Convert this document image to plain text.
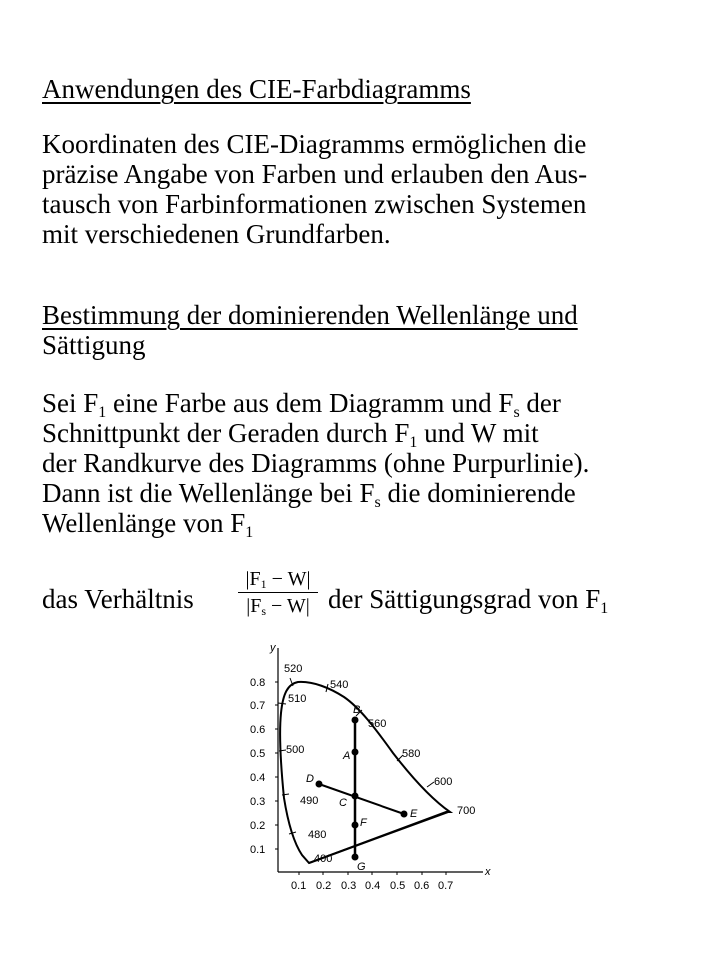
Anwendungen des CIE-Farbdiagramms
Koordinaten des CIE-Diagramms ermöglichen die
präzise Angabe von Farben und erlauben den Aus-
tausch von Farbinformationen zwischen Systemen
mit verschiedenen Grundfarben.
Bestimmung der dominierenden Wellenlänge und
Sättigung
Sei $F_1$ eine Farbe aus dem Diagramm und $F_s$ der
Schnittpunkt der Geraden durch $F_1$ und W mit
der Randkurve des Diagramms (ohne Purpurlinie).
Dann ist die Wellenlänge bei $F_s$ die dominierende
Wellenlänge von $F_1$
das Verhältnis $\frac{|F_1 - W|}{|F_s - W|}$ der Sättigungsgrad von $F_1$
y
x
0.8
0.7
0.6
0.5
0.4
0.3
0.2
0.1
0.1 0.2 0.3 0.4 0.5 0.6 0.7
520
540
510
560
500	580
600
490
700
480
400
B
A
D
C
E
F
G
